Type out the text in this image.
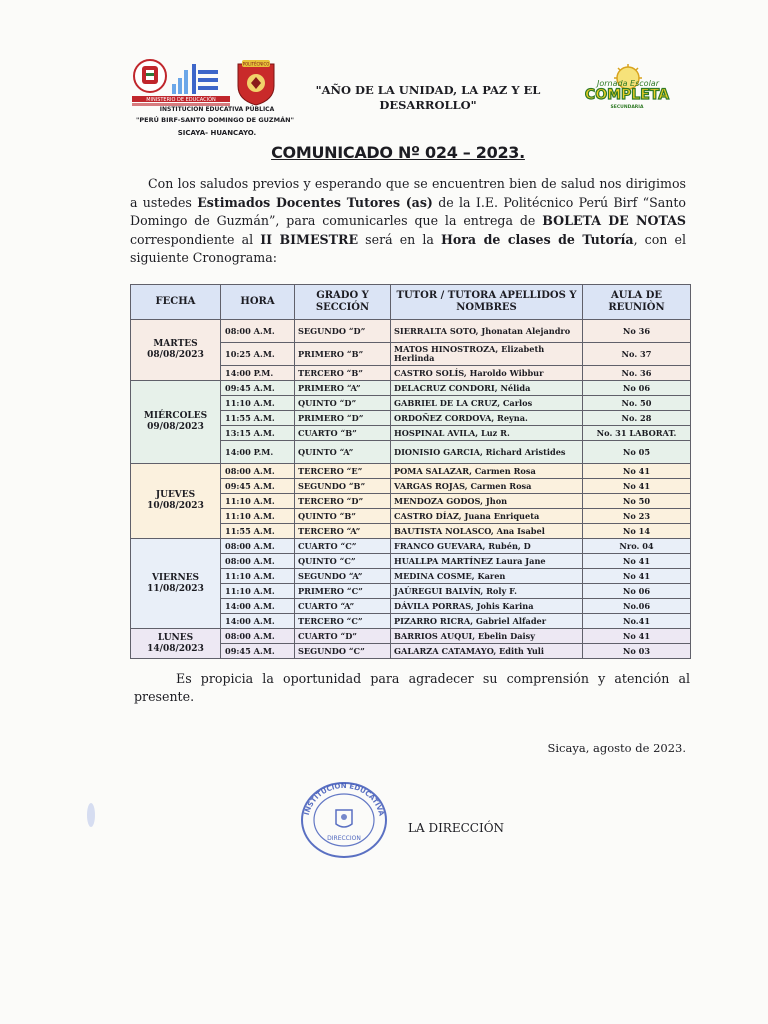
MINISTERIO DE EDUCACIÓN
POLITÉCNICO
INSTITUCION EDUCATIVA PÚBLICA
"PERÚ BIRF-SANTO DOMINGO DE GUZMÁN"
SICAYA- HUANCAYO.
"AÑO DE LA UNIDAD, LA PAZ Y EL DESARROLLO"
Jornada Escolar
COMPLETA
SECUNDARIA
COMUNICADO Nº 024 – 2023.
Con los saludos previos y esperando que se encuentren bien de salud nos dirigimos a ustedes Estimados Docentes Tutores (as) de la I.E. Politécnico Perú Birf “Santo Domingo de Guzmán”, para comunicarles que la entrega de BOLETA DE NOTAS correspondiente al II BIMESTRE será en la Hora de clases de Tutoría, con el siguiente Cronograma:
FECHA	HORA	GRADO Y SECCIÓN	TUTOR / TUTORA APELLIDOS Y NOMBRES	AULA DE REUNIÒN
MARTES 08/08/2023	08:00 A.M.	SEGUNDO “D”	SIERRALTA SOTO, Jhonatan Alejandro	No 36
	10:25 A.M.	PRIMERO “B”	MATOS HINOSTROZA, Elizabeth Herlinda	No. 37
	14:00 P.M.	TERCERO “B”	CASTRO SOLÍS, Haroldo Wibbur	No. 36
MIÉRCOLES 09/08/2023	09:45 A.M.	PRIMERO “A”	DELACRUZ CONDORI, Nélida	No 06
	11:10 A.M.	QUINTO “D”	GABRIEL DE LA CRUZ, Carlos	No. 50
	11:55 A.M.	PRIMERO “D”	ORDOÑEZ CORDOVA, Reyna.	No. 28
	13:15 A.M.	CUARTO “B”	HOSPINAL AVILA, Luz R.	No. 31 LABORAT.
	14:00 P.M.	QUINTO “A”	DIONISIO GARCIA, Richard Aristides	No 05
JUEVES 10/08/2023	08:00 A.M.	TERCERO “E”	POMA SALAZAR, Carmen Rosa	No 41
	09:45 A.M.	SEGUNDO “B”	VARGAS ROJAS, Carmen Rosa	No 41
	11:10 A.M.	TERCERO “D”	MENDOZA GODOS, Jhon	No 50
	11:10 A.M.	QUINTO “B”	CASTRO DÍAZ, Juana Enriqueta	No 23
	11:55 A.M.	TERCERO “A”	BAUTISTA NOLASCO, Ana Isabel	No 14
VIERNES 11/08/2023	08:00 A.M.	CUARTO “C”	FRANCO GUEVARA, Rubén, D	Nro. 04
	08:00 A.M.	QUINTO “C”	HUALLPA MARTÍNEZ Laura Jane	No 41
	11:10 A.M.	SEGUNDO “A”	MEDINA COSME, Karen	No 41
	11:10 A.M.	PRIMERO “C”	JAÚREGUI BALVÍN, Roly F.	No 06
	14:00 A.M.	CUARTO “A”	DÁVILA PORRAS, Johis Karina	No.06
	14:00 A.M.	TERCERO “C”	PIZARRO RICRA, Gabriel Alfader	No.41
LUNES 14/08/2023	08:00 A.M.	CUARTO “D”	BARRIOS AUQUI, Ebelin Daisy	No 41
	09:45 A.M.	SEGUNDO “C”	GALARZA CATAMAYO, Edith Yuli	No 03
Es propicia la oportunidad para agradecer su comprensión y atención al presente.
Sicaya, agosto de 2023.
INSTITUCION EDUCATIVA
DIRECCIÓN
LA DIRECCIÓN
